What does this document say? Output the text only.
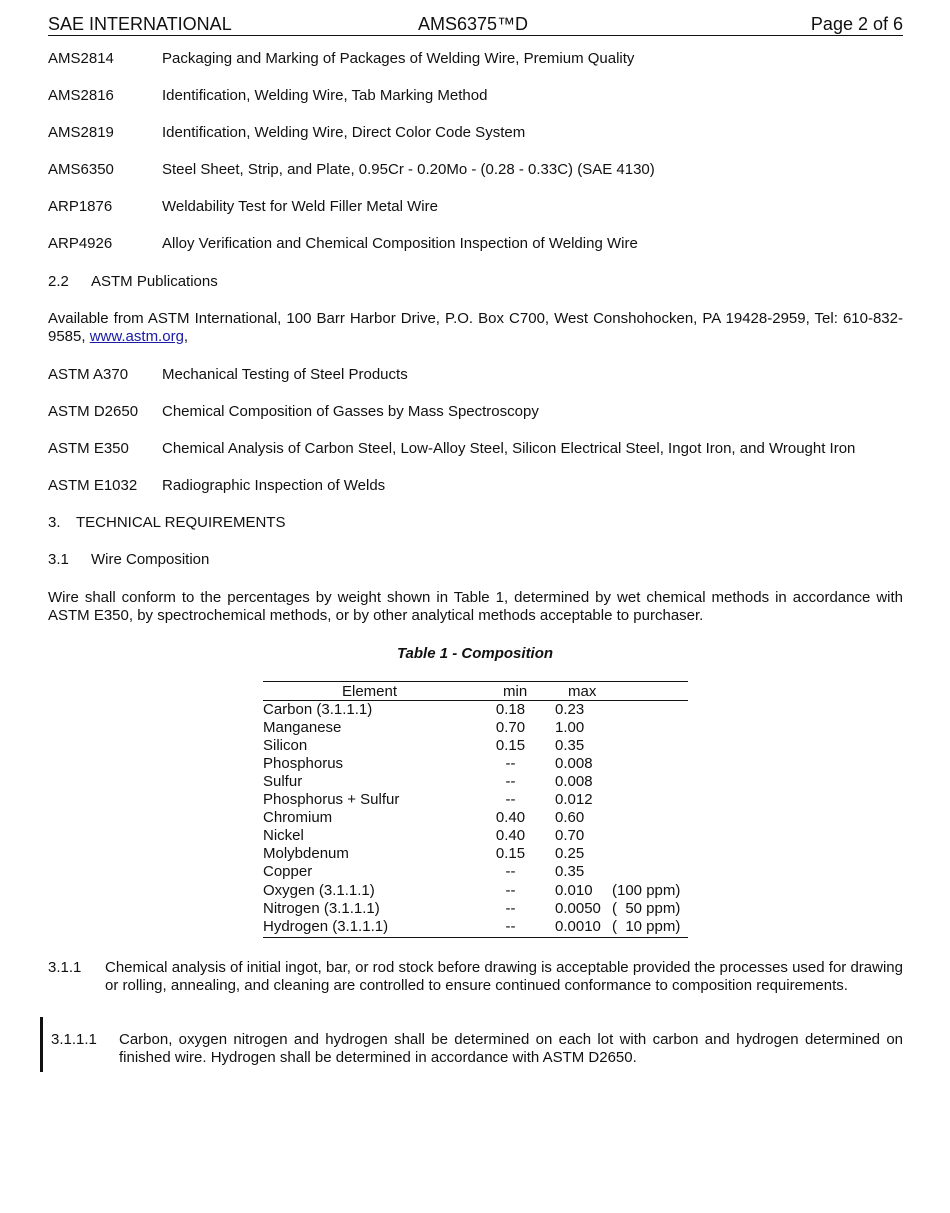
SAE INTERNATIONAL	AMS6375™D	Page 2 of 6
AMS2814	Packaging and Marking of Packages of Welding Wire, Premium Quality
AMS2816	Identification, Welding Wire, Tab Marking Method
AMS2819	Identification, Welding Wire, Direct Color Code System
AMS6350	Steel Sheet, Strip, and Plate, 0.95Cr - 0.20Mo - (0.28 - 0.33C) (SAE 4130)
ARP1876	Weldability Test for Weld Filler Metal Wire
ARP4926	Alloy Verification and Chemical Composition Inspection of Welding Wire
2.2 ASTM Publications
Available from ASTM International, 100 Barr Harbor Drive, P.O. Box C700, West Conshohocken, PA 19428-2959, Tel: 610-832-9585, www.astm.org,
ASTM A370 Mechanical Testing of Steel Products
ASTM D2650 Chemical Composition of Gasses by Mass Spectroscopy
ASTM E350 Chemical Analysis of Carbon Steel, Low-Alloy Steel, Silicon Electrical Steel, Ingot Iron, and Wrought Iron
ASTM E1032 Radiographic Inspection of Welds
3. TECHNICAL REQUIREMENTS
3.1 Wire Composition
Wire shall conform to the percentages by weight shown in Table 1, determined by wet chemical methods in accordance with ASTM E350, by spectrochemical methods, or by other analytical methods acceptable to purchaser.
Table 1 - Composition
Element	min	max
Carbon (3.1.1.1)	0.18	0.23
Manganese	0.70	1.00
Silicon	0.15	0.35
Phosphorus	--	0.008
Sulfur	--	0.008
Phosphorus + Sulfur	--	0.012
Chromium	0.40	0.60
Nickel	0.40	0.70
Molybdenum	0.15	0.25
Copper	--	0.35
Oxygen (3.1.1.1)	--	0.010 (100 ppm)
Nitrogen (3.1.1.1)	--	0.0050 (  50 ppm)
Hydrogen (3.1.1.1)	--	0.0010 (  10 ppm)
3.1.1 Chemical analysis of initial ingot, bar, or rod stock before drawing is acceptable provided the processes used for drawing or rolling, annealing, and cleaning are controlled to ensure continued conformance to composition requirements.
3.1.1.1 Carbon, oxygen nitrogen and hydrogen shall be determined on each lot with carbon and hydrogen determined on finished wire. Hydrogen shall be determined in accordance with ASTM D2650.
